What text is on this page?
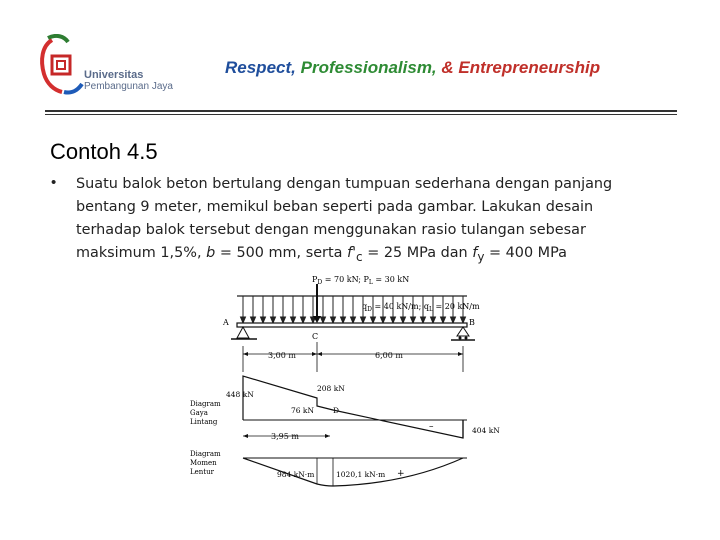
Universitas
Pembangunan Jaya
Respect, Professionalism, & Entrepreneurship
Contoh 4.5
• Suatu balok beton bertulang dengan tumpuan sederhana dengan panjang
bentang 9 meter, memikul beban seperti pada gambar. Lakukan desain
terhadap balok tersebut dengan menggunakan rasio tulangan sebesar
maksimum 1,5%, b = 500 mm, serta $f'_c = 25$ MPa dan $f_y = 400$ MPa
$P_D = 70$ kN; $P_L = 30$ kN
$q_D = 40$ kN/m; $q_L = 20$ kN/m
A	B
C
3,00 m	6,00 m
Diagram
Gaya
Lintang
448 kN
208 kN
76 kN	D
404 kN
–
3,95 m
Diagram
Momen
Lentur	984 kN·m	1020,1 kN·m +
